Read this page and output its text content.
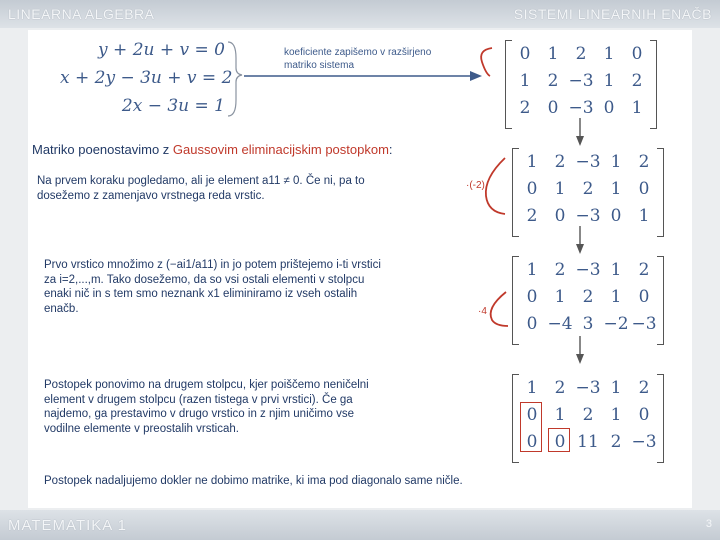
LINEARNA ALGEBRA	SISTEMI LINEARNIH ENAČB
y + 2u + v = 0
x + 2y − 3u + v = 2
2x − 3u = 1
koeficiente zapišemo v razširjeno matriko sistema
Matriko poenostavimo z Gaussovim eliminacijskim postopkom:
Na prvem koraku pogledamo, ali je element a11 ≠ 0. Če ni, pa to dosežemo z zamenjavo vrstnega reda vrstic.
Prvo vrstico množimo z (−ai1/a11) in jo potem prištejemo i-ti vrstici za i=2,...,m. Tako dosežemo, da so vsi ostali elementi v stolpcu enaki nič in s tem smo neznank x1 eliminiramo iz vseh ostalih enačb.
Postopek ponovimo na drugem stolpcu, kjer poiščemo neničelni element v drugem stolpcu (razen tistega v prvi vrstici). Če ga najdemo, ga prestavimo v drugo vrstico in z njim uničimo vse vodilne elemente v preostalih vrsticah.
Postopek nadaljujemo dokler ne dobimo matrike, ki ima pod diagonalo same ničle.
·(-2)
·4
0	1	2	1	0
1	2 −3 1	2
2	0 −3 0	1
1	2 −3 1	2
0	1	2	1	0
2	0 −3 0	1
1	2 −3 1	2
0	1	2	1	0
0 −4 3 −2 −3
1	2 −3 1	2
0	1	2	1	0
0	0 11 2 −3
MATEMATIKA 1	3
